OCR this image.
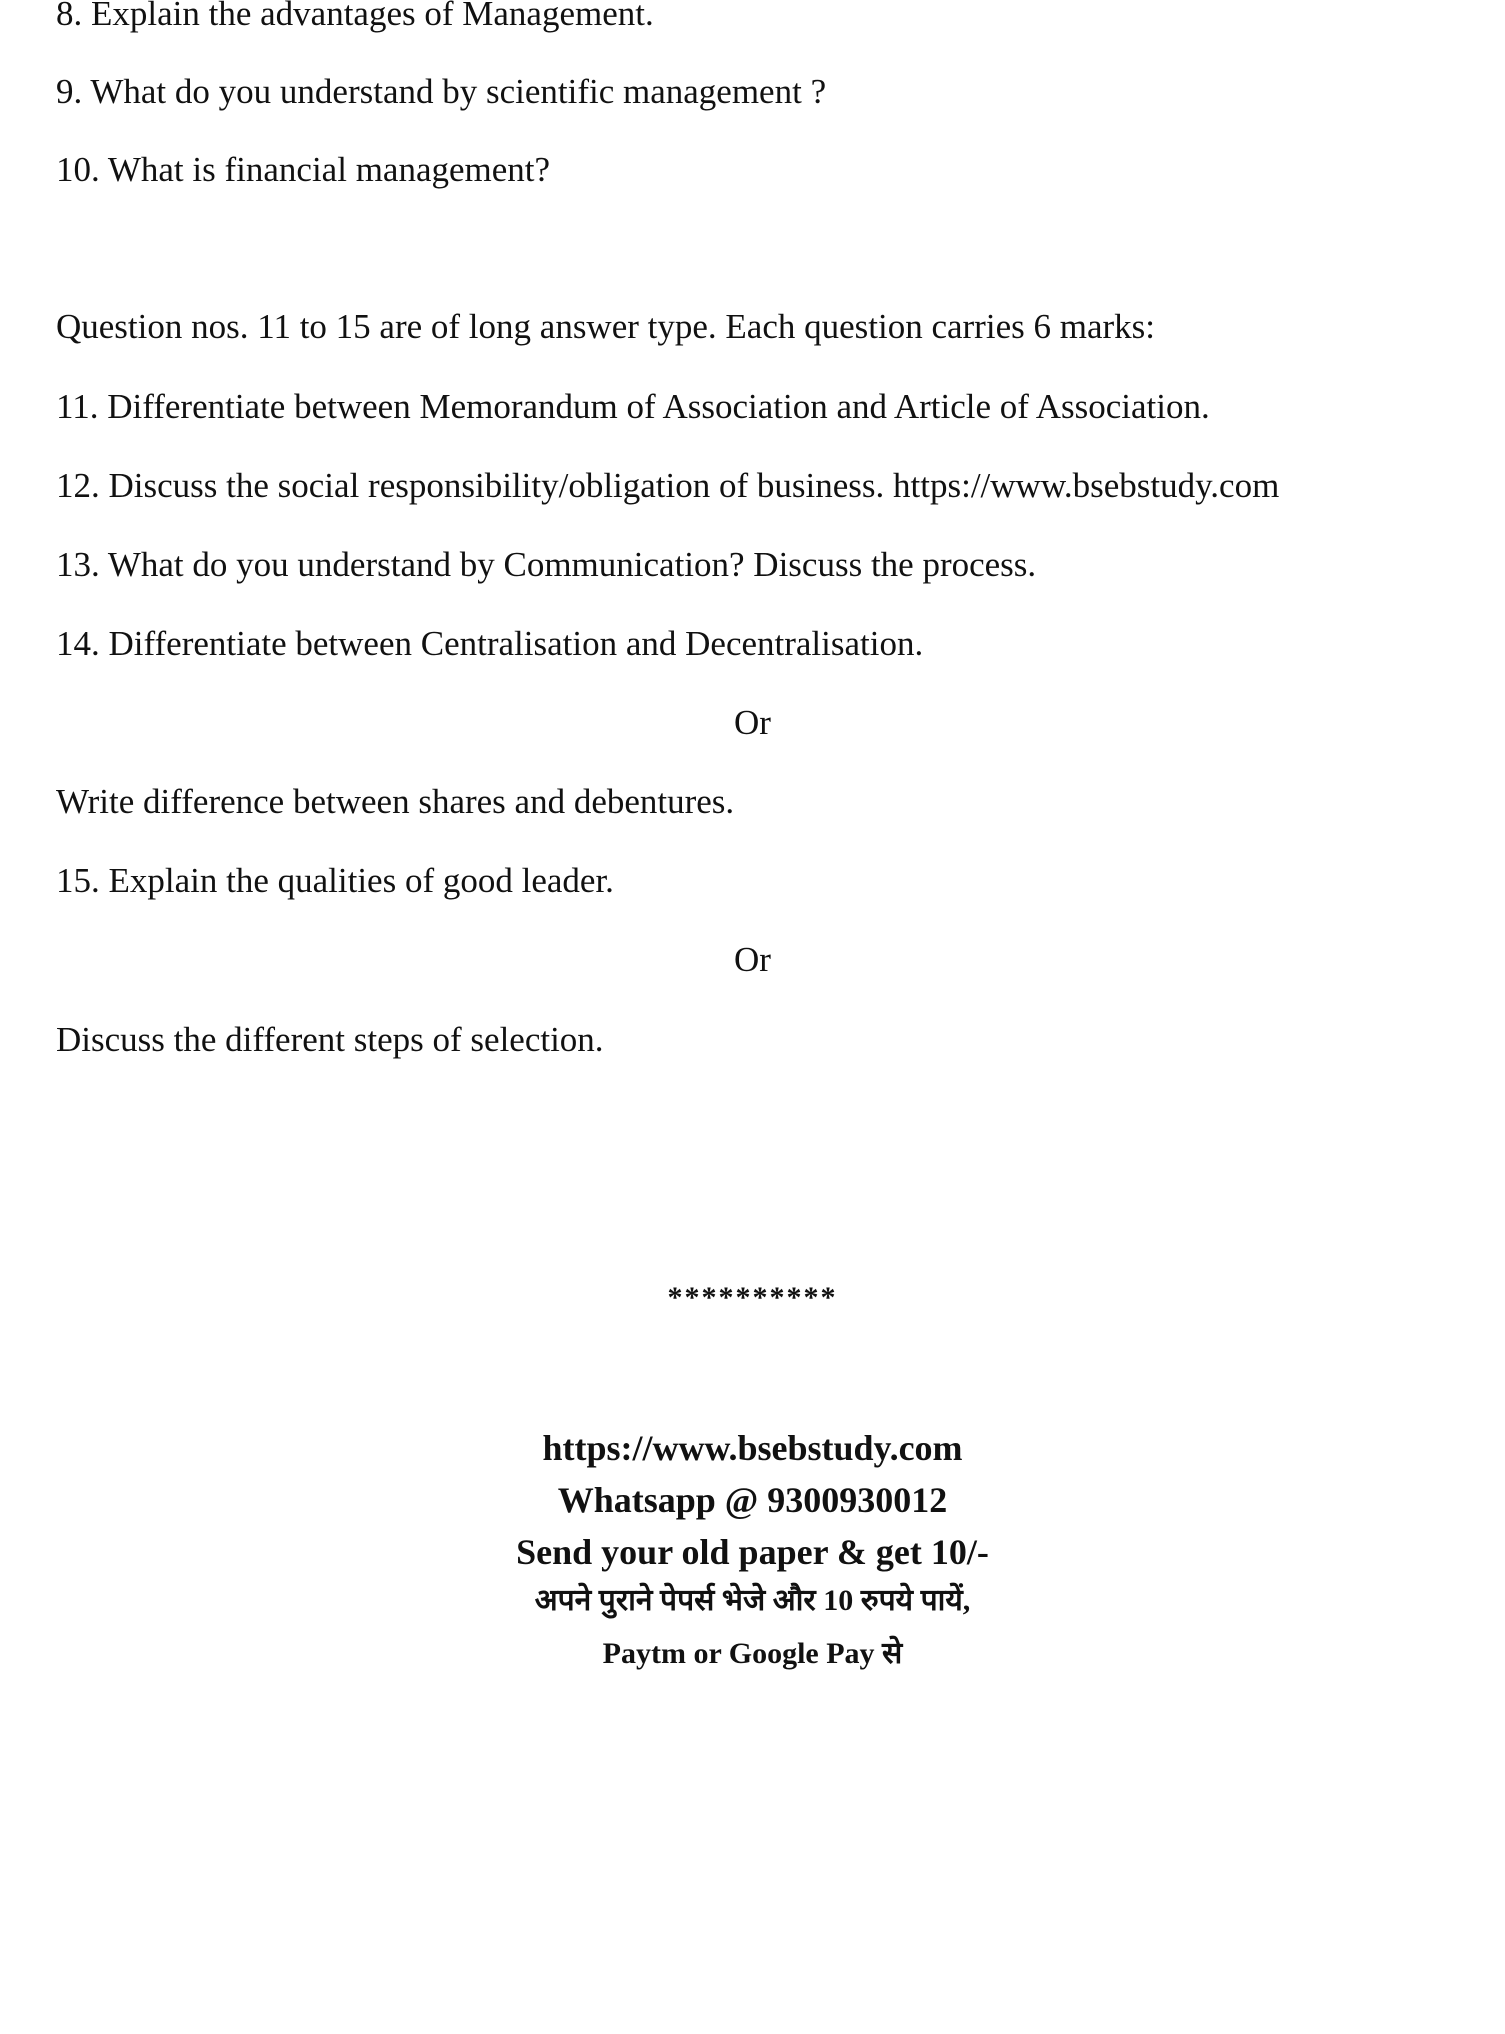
8. Explain the advantages of Management.
9. What do you understand by scientific management ?
10. What is financial management?
Question nos. 11 to 15 are of long answer type. Each question carries 6 marks:
11. Differentiate between Memorandum of Association and Article of Association.
12. Discuss the social responsibility/obligation of business. https://www.bsebstudy.com
13. What do you understand by Communication? Discuss the process.
14. Differentiate between Centralisation and Decentralisation.
Or
Write difference between shares and debentures.
15. Explain the qualities of good leader.
Or
Discuss the different steps of selection.
**********
https://www.bsebstudy.com
Whatsapp @ 9300930012
Send your old paper & get 10/-
अपने पुराने पेपर्स भेजे और 10 रुपये पायें,
Paytm or Google Pay से
